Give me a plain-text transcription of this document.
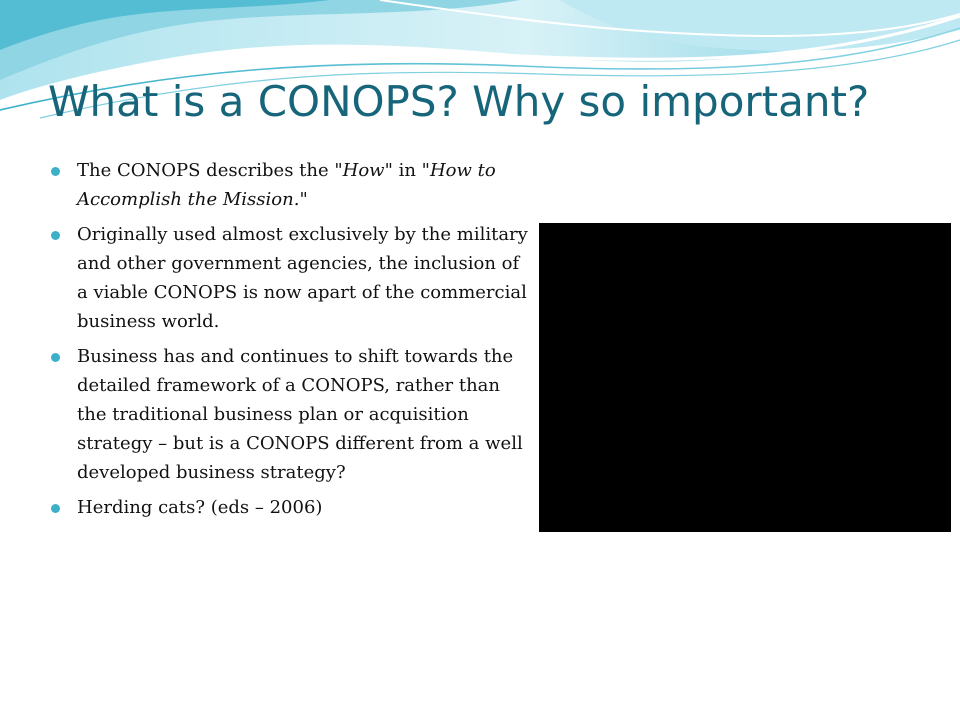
What is a CONOPS? Why so important?
The CONOPS describes the "How" in "How to Accomplish the Mission."
Originally used almost exclusively by the military and other government agencies, the inclusion of a viable CONOPS is now apart of the commercial business world.
Business has and continues to shift towards the detailed framework of a CONOPS, rather than the traditional business plan or acquisition strategy – but is a CONOPS different from a well developed business strategy?
Herding cats? (eds – 2006)
